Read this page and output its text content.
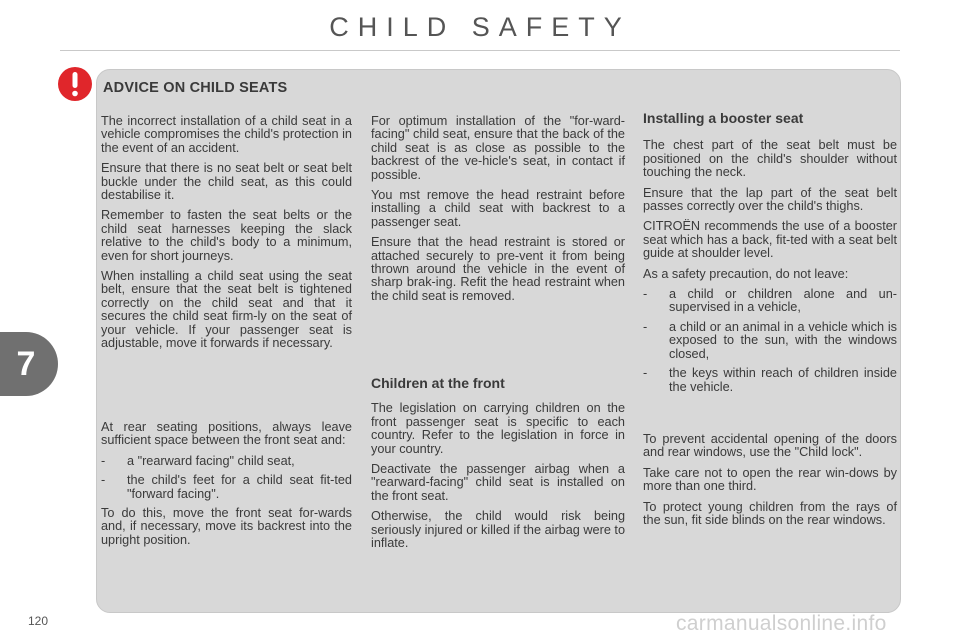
CHILD SAFETY
ADVICE ON CHILD SEATS

The incorrect installation of a child seat in a vehicle compromises the child's protection in the event of an accident.

Ensure that there is no seat belt or seat belt buckle under the child seat, as this could destabilise it.

Remember to fasten the seat belts or the child seat harnesses keeping the slack relative to the child's body to a minimum, even for short journeys.

When installing a child seat using the seat belt, ensure that the seat belt is tightened correctly on the child seat and that it secures the child seat firm-ly on the seat of your vehicle. If your passenger seat is adjustable, move it forwards if necessary.

At rear seating positions, always leave sufficient space between the front seat and:

-	a "rearward facing" child seat,
-	the child's feet for a child seat fit-ted "forward facing".

To do this, move the front seat for-wards and, if necessary, move its backrest into the upright position.

For optimum installation of the "for-ward-facing" child seat, ensure that the back of the child seat is as close as possible to the backrest of the ve-hicle's seat, in contact if possible.

You mst remove the head restraint before installing a child seat with backrest to a passenger seat.

Ensure that the head restraint is stored or attached securely to pre-vent it from being thrown around the vehicle in the event of sharp brak-ing. Refit the head restraint when the child seat is removed.

Children at the front

The legislation on carrying children on the front passenger seat is specific to each country. Refer to the legislation in force in your country.

Deactivate the passenger airbag when a "rearward-facing" child seat is installed on the front seat.

Otherwise, the child would risk being seriously injured or killed if the airbag were to inflate.

Installing a booster seat

The chest part of the seat belt must be positioned on the child's shoulder without touching the neck.

Ensure that the lap part of the seat belt passes correctly over the child's thighs.

CITROËN recommends the use of a booster seat which has a back, fit-ted with a seat belt guide at shoulder level.

As a safety precaution, do not leave:

-	a child or children alone and un-supervised in a vehicle,
-	a child or an animal in a vehicle which is exposed to the sun, with the windows closed,
-	the keys within reach of children inside the vehicle.

To prevent accidental opening of the doors and rear windows, use the "Child lock".

Take care not to open the rear win-dows by more than one third.

To protect young children from the rays of the sun, fit side blinds on the rear windows.

7
120	carmanualsonline.info
